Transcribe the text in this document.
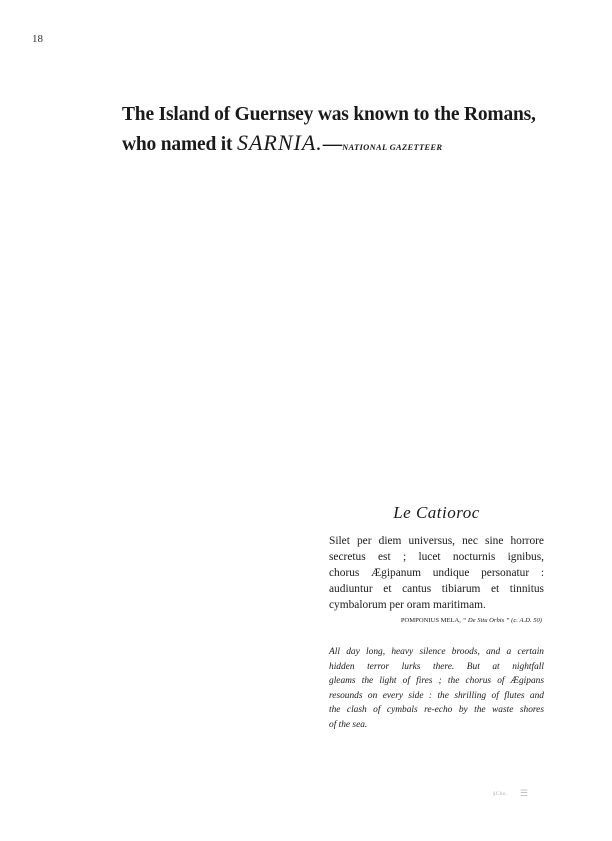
18
The Island of Guernsey was known to the Romans,
who named it SARNIA.—NATIONAL GAZETTEER
Le Catioroc
Silet per diem universus, nec sine horrore
secretus est ; lucet nocturnis ignibus,
chorus Ægipanum undique personatur :
audiuntur et cantus tibiarum et tinnitus
cymbalorum per oram maritimam.
POMPONIUS MELA, “ De Situ Orbis ” (c. A.D. 50)
All day long, heavy silence broods, and a certain
hidden terror lurks there. But at nightfall
gleams the light of fires ; the chorus of Ægipans
resounds on every side : the shrilling of flutes and
the clash of cymbals re-echo by the waste shores
of the sea.
§Cho. ☰
